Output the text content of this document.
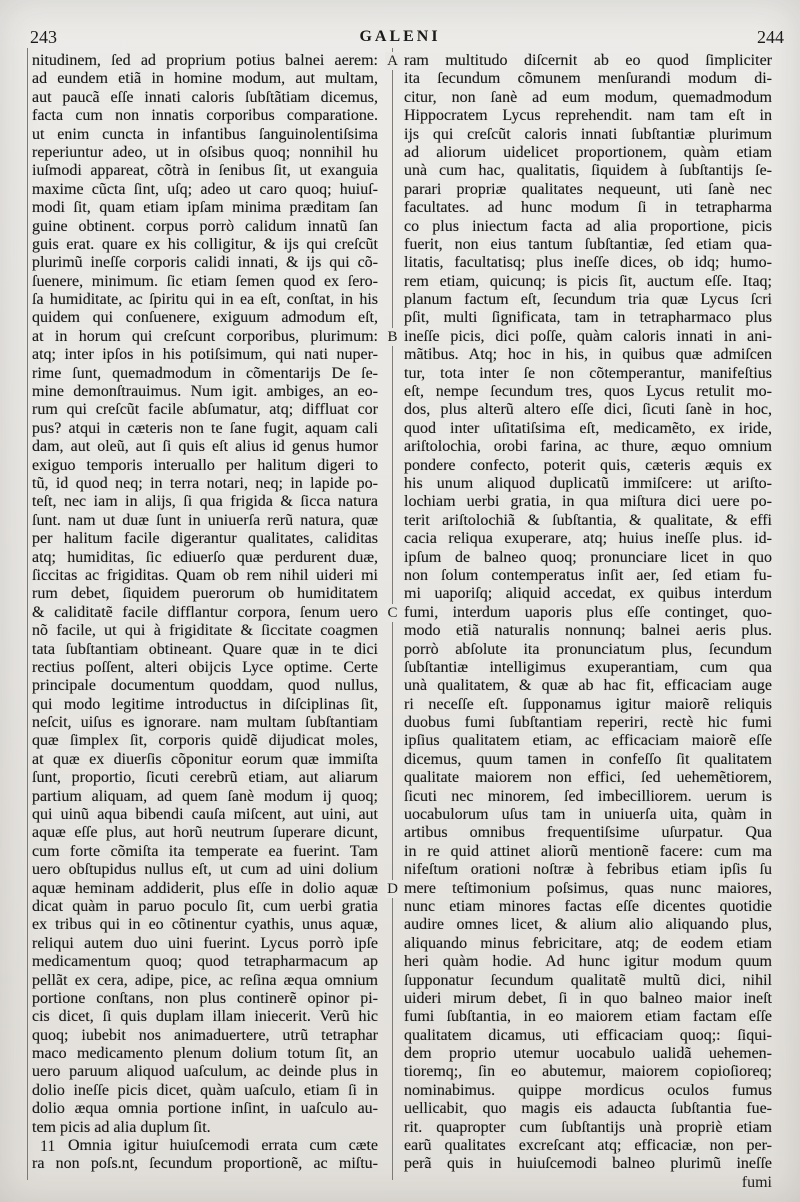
243	GALENI	244
nitudinem, ſed ad proprium potius balnei aerem:
ad eundem etiã in homine modum, aut multam,
aut paucã eſſe innati caloris ſubſtãtiam dicemus,
facta cum non innatis corporibus comparatione.
ut enim cuncta in infantibus ſanguinolentiſsima
reperiuntur adeo, ut in oſsibus quoq; nonnihil hu
iuſmodi appareat, cõtrà in ſenibus ſit, ut exanguia
maxime cũcta ſint, uſq; adeo ut caro quoq; huiuſ-
modi ſit, quam etiam ipſam minima præditam ſan
guine obtinent. corpus porrò calidum innatũ ſan
guis erat. quare ex his colligitur, & ijs qui creſcũt
plurimũ ineſſe corporis calidi innati, & ijs qui cõ-
ſuenere, minimum. ſic etiam ſemen quod ex ſero-
ſa humiditate, ac ſpiritu qui in ea eſt, conſtat, in his
quidem qui conſuenere, exiguum admodum eſt,
at in horum qui creſcunt corporibus, plurimum:
atq; inter ipſos in his potiſsimum, qui nati nuper-
rime ſunt, quemadmodum in cõmentarijs De ſe-
mine demonſtrauimus. Num igit. ambiges, an eo-
rum qui creſcũt facile abſumatur, atq; diffluat cor
pus? atqui in cæteris non te ſane fugit, aquam cali
dam, aut oleũ, aut ſi quis eſt alius id genus humor
exiguo temporis interuallo per halitum digeri to
tũ, id quod neq; in terra notari, neq; in lapide po-
teſt, nec iam in alijs, ſi qua frigida & ſicca natura
ſunt. nam ut duæ ſunt in uniuerſa rerũ natura, quæ
per halitum facile digerantur qualitates, caliditas
atq; humiditas, ſic ediuerſo quæ perdurent duæ,
ſiccitas ac frigiditas. Quam ob rem nihil uideri mi
rum debet, ſiquidem puerorum ob humiditatem
& caliditatẽ facile difflantur corpora, ſenum uero
nõ facile, ut qui à frigiditate & ſiccitate coagmen
tata ſubſtantiam obtineant. Quare quæ in te dici
rectius poſſent, alteri obijcis Lyce optime. Certe
principale documentum quoddam, quod nullus,
qui modo legitime introductus in diſciplinas ſit,
neſcit, uiſus es ignorare. nam multam ſubſtantiam
quæ ſimplex ſit, corporis quidẽ dijudicat moles,
at quæ ex diuerſis cõponitur eorum quæ immiſta
ſunt, proportio, ſicuti cerebrũ etiam, aut aliarum
partium aliquam, ad quem ſanè modum ij quoq;
qui uinũ aqua bibendi cauſa miſcent, aut uini, aut
aquæ eſſe plus, aut horũ neutrum ſuperare dicunt,
cum forte cõmiſta ita temperate ea fuerint. Tam
uero obſtupidus nullus eſt, ut cum ad uini dolium
aquæ heminam addiderit, plus eſſe in dolio aquæ
dicat quàm in paruo poculo ſit, cum uerbi gratia
ex tribus qui in eo cõtinentur cyathis, unus aquæ,
reliqui autem duo uini fuerint. Lycus porrò ipſe
medicamentum quoq; quod tetrapharmacum ap
pellãt ex cera, adipe, pice, ac reſina æqua omnium
portione conſtans, non plus continerẽ opinor pi-
cis dicet, ſi quis duplam illam iniecerit. Verũ hic
quoq; iubebit nos animaduertere, utrũ tetraphar
maco medicamento plenum dolium totum ſit, an
uero paruum aliquod uaſculum, ac deinde plus in
dolio ineſſe picis dicet, quàm uaſculo, etiam ſi in
dolio æqua omnia portione inſint, in uaſculo au-
tem picis ad alia duplum ſit.
Omnia igitur huiuſcemodi errata cum cæte
ra non poſs.nt, ſecundum proportionẽ, ac miſtu-
ram multitudo diſcernit ab eo quod ſimpliciter
ita ſecundum cõmunem menſurandi modum di-
citur, non ſanè ad eum modum, quemadmodum
Hippocratem Lycus reprehendit. nam tam eſt in
ijs qui creſcũt caloris innati ſubſtantiæ plurimum
ad aliorum uidelicet proportionem, quàm etiam
unà cum hac, qualitatis, ſiquidem à ſubſtantijs ſe-
parari propriæ qualitates nequeunt, uti ſanè nec
facultates. ad hunc modum ſi in tetrapharma
co plus iniectum facta ad alia proportione, picis
fuerit, non eius tantum ſubſtantiæ, ſed etiam qua-
litatis, facultatisq; plus ineſſe dices, ob idq; humo-
rem etiam, quicunq; is picis ſit, auctum eſſe. Itaq;
planum factum eſt, ſecundum tria quæ Lycus ſcri
pſit, multi ſignificata, tam in tetrapharmaco plus
ineſſe picis, dici poſſe, quàm caloris innati in ani-
mãtibus. Atq; hoc in his, in quibus quæ admiſcen
tur, tota inter ſe non cõtemperantur, manifeſtius
eſt, nempe ſecundum tres, quos Lycus retulit mo-
dos, plus alterũ altero eſſe dici, ſicuti ſanè in hoc,
quod inter uſitatiſsima eſt, medicamẽto, ex iride,
ariſtolochia, orobi farina, ac thure, æquo omnium
pondere confecto, poterit quis, cæteris æquis ex
his unum aliquod duplicatũ immiſcere: ut ariſto-
lochiam uerbi gratia, in qua miſtura dici uere po-
terit ariſtolochiã & ſubſtantia, & qualitate, & effi
cacia reliqua exuperare, atq; huius ineſſe plus. id-
ipſum de balneo quoq; pronunciare licet in quo
non ſolum contemperatus inſit aer, ſed etiam fu-
mi uaporiſq; aliquid accedat, ex quibus interdum
fumi, interdum uaporis plus eſſe continget, quo-
modo etiã naturalis nonnunq; balnei aeris plus.
porrò abſolute ita pronunciatum plus, ſecundum
ſubſtantiæ intelligimus exuperantiam, cum qua
unà qualitatem, & quæ ab hac fit, efficaciam auge
ri neceſſe eſt. ſupponamus igitur maiorẽ reliquis
duobus fumi ſubſtantiam reperiri, rectè hic fumi
ipſius qualitatem etiam, ac efficaciam maiorẽ eſſe
dicemus, quum tamen in confeſſo ſit qualitatem
qualitate maiorem non effici, ſed uehemẽtiorem,
ſicuti nec minorem, ſed imbecilliorem. uerum is
uocabulorum uſus tam in uniuerſa uita, quàm in
artibus omnibus frequentiſsime uſurpatur. Qua
in re quid attinet aliorũ mentionẽ facere: cum ma
nifeſtum orationi noſtræ à febribus etiam ipſis ſu
mere teſtimonium poſsimus, quas nunc maiores,
nunc etiam minores factas eſſe dicentes quotidie
audire omnes licet, & alium alio aliquando plus,
aliquando minus febricitare, atq; de eodem etiam
heri quàm hodie. Ad hunc igitur modum quum
ſupponatur ſecundum qualitatẽ multũ dici, nihil
uideri mirum debet, ſi in quo balneo maior ineſt
fumi ſubſtantia, in eo maiorem etiam factam eſſe
qualitatem dicamus, uti efficaciam quoq;: ſiqui-
dem proprio utemur uocabulo ualidã uehemen-
tioremq;, ſin eo abutemur, maiorem copioſioreq;
nominabimus. quippe mordicus oculos fumus
uellicabit, quo magis eis adaucta ſubſtantia fue-
rit. quapropter cum ſubſtantijs unà propriè etiam
earũ qualitates excreſcant atq; efficaciæ, non per-
perã quis in huiuſcemodi balneo plurimũ ineſſe
A
B
C
D
11
fumi
